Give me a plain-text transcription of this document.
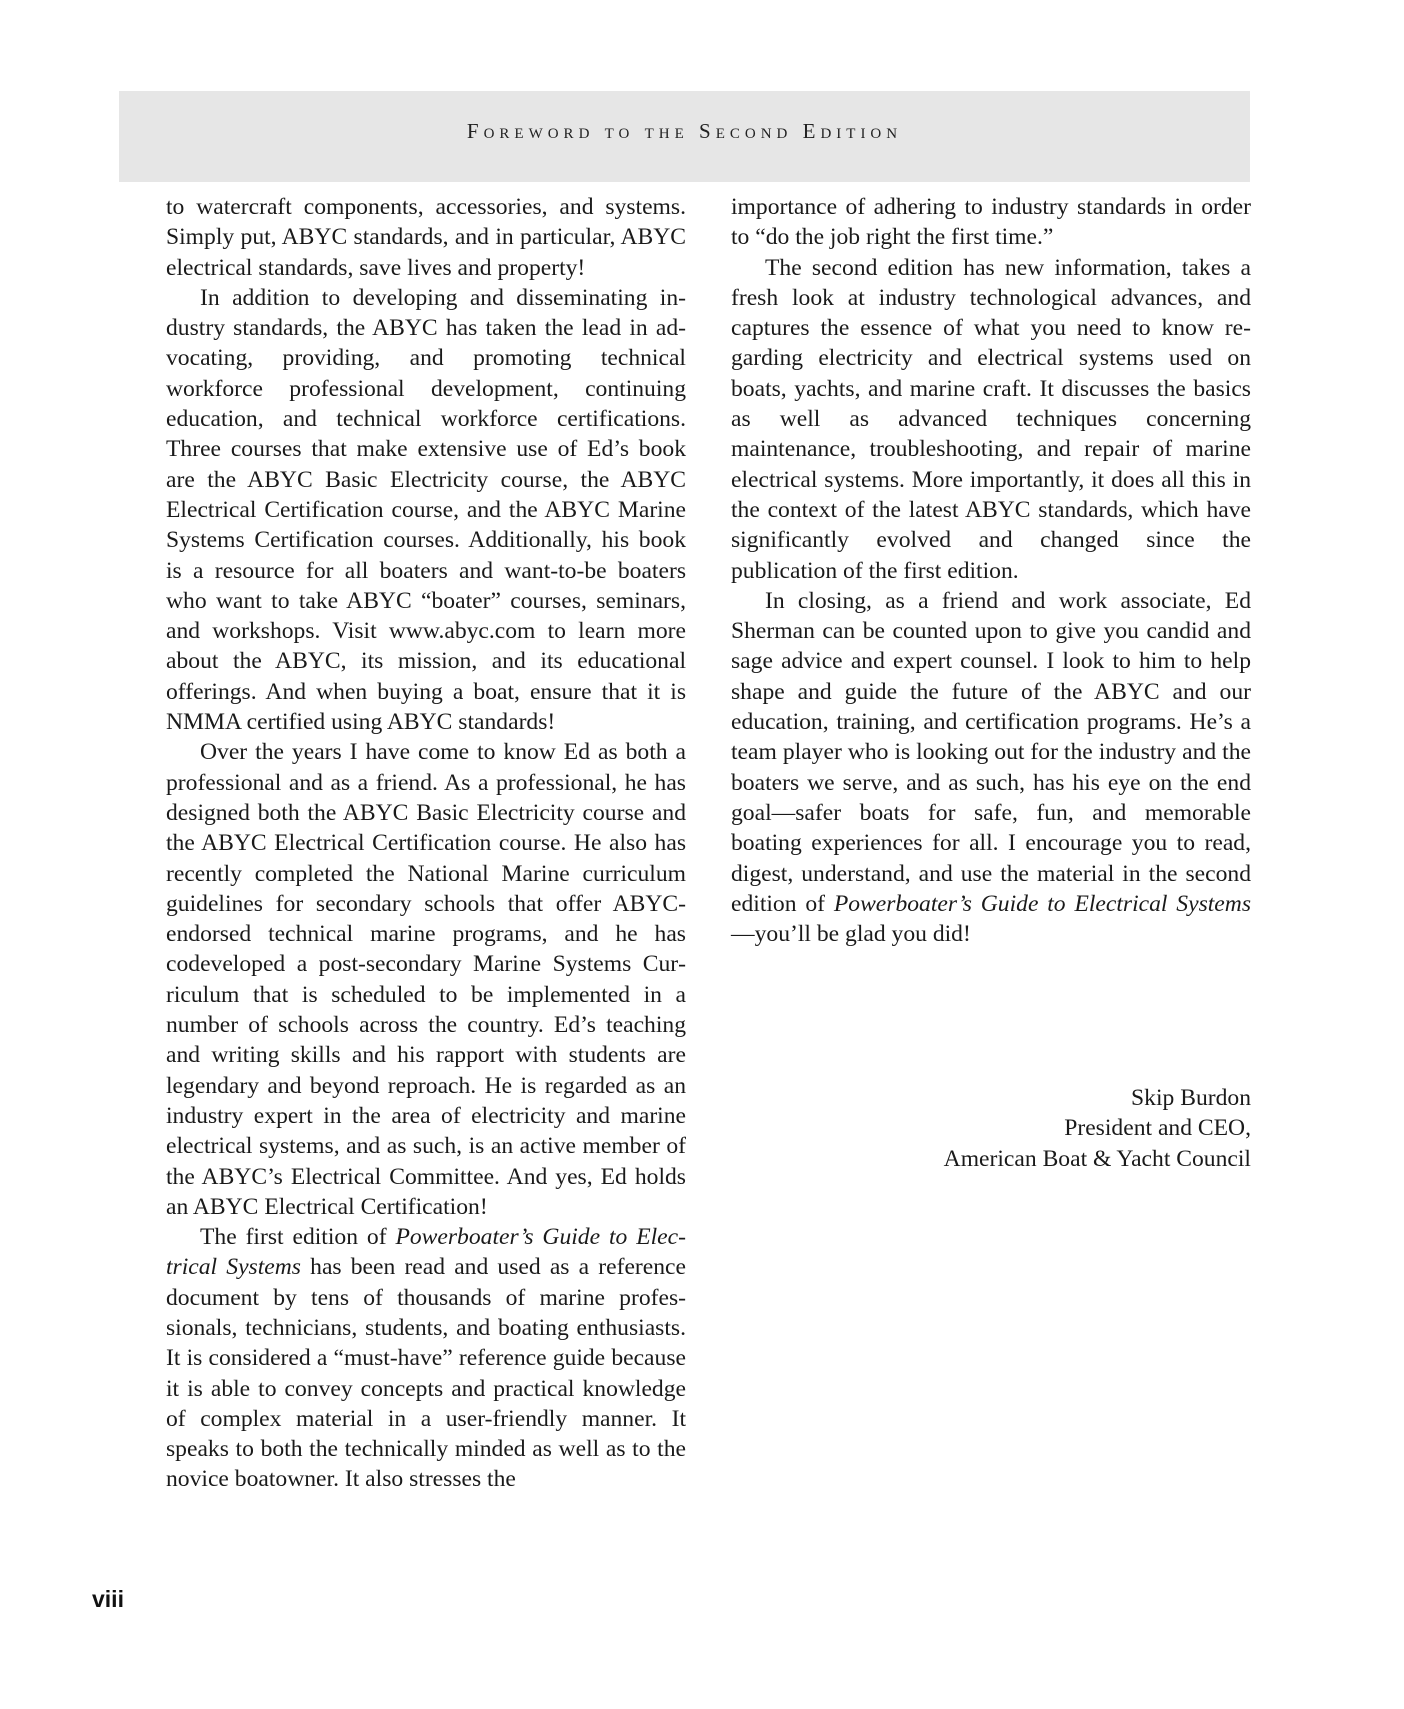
Foreword to the Second Edition

to watercraft components, accessories, and systems. Simply put, ABYC standards, and in particular, ABYC electrical standards, save lives and property!

In addition to developing and disseminating industry standards, the ABYC has taken the lead in advocating, providing, and promoting technical workforce professional development, continuing education, and technical workforce certifications. Three courses that make extensive use of Ed’s book are the ABYC Basic Electricity course, the ABYC Electrical Certification course, and the ABYC Marine Systems Certification courses. Additionally, his book is a resource for all boaters and want-to-be boaters who want to take ABYC “boater” courses, seminars, and workshops. Visit www.abyc.com to learn more about the ABYC, its mission, and its educational offerings. And when buying a boat, ensure that it is NMMA certified using ABYC standards!

Over the years I have come to know Ed as both a professional and as a friend. As a professional, he has designed both the ABYC Basic Electricity course and the ABYC Electrical Certification course. He also has recently completed the National Marine curriculum guidelines for secondary schools that offer ABYC-endorsed technical marine programs, and he has codeveloped a post-secondary Marine Systems Curriculum that is scheduled to be implemented in a number of schools across the country. Ed’s teaching and writing skills and his rapport with students are legendary and beyond reproach. He is regarded as an industry expert in the area of electricity and marine electrical systems, and as such, is an active member of the ABYC’s Electrical Committee. And yes, Ed holds an ABYC Electrical Certification!

The first edition of Powerboater’s Guide to Electrical Systems has been read and used as a reference document by tens of thousands of marine professionals, technicians, students, and boating enthusiasts. It is considered a “must-have” reference guide because it is able to convey concepts and practical knowledge of complex material in a user-friendly manner. It speaks to both the technically minded as well as to the novice boatowner. It also stresses the

importance of adhering to industry standards in order to “do the job right the first time.”

The second edition has new information, takes a fresh look at industry technological advances, and captures the essence of what you need to know regarding electricity and electrical systems used on boats, yachts, and marine craft. It discusses the basics as well as advanced techniques concerning maintenance, troubleshooting, and repair of marine electrical systems. More importantly, it does all this in the context of the latest ABYC standards, which have significantly evolved and changed since the publication of the first edition.

In closing, as a friend and work associate, Ed Sherman can be counted upon to give you candid and sage advice and expert counsel. I look to him to help shape and guide the future of the ABYC and our education, training, and certification programs. He’s a team player who is looking out for the industry and the boaters we serve, and as such, has his eye on the end goal—safer boats for safe, fun, and memorable boating experiences for all. I encourage you to read, digest, understand, and use the material in the second edition of Powerboater’s Guide to Electrical Systems—you’ll be glad you did!

Skip Burdon
President and CEO,
American Boat & Yacht Council
viii
